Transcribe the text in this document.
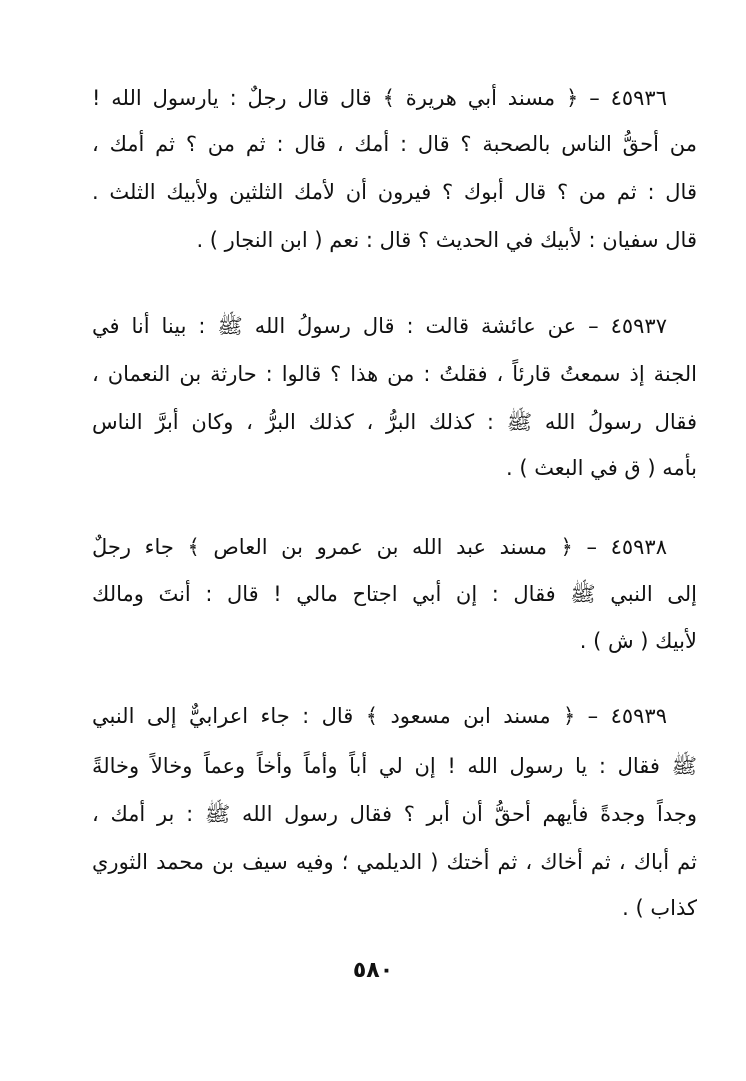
٤٥٩٣٦ – ﴿ مسند أبي هريرة ﴾ قال قال رجلٌ : يارسول الله !

من أحقُّ الناس بالصحبة ؟ قال : أمك ، قال : ثم من ؟ ثم أمك ،

قال : ثم من ؟ قال أبوك ؟ فيرون أن لأمك الثلثين ولأبيك الثلث .

قال سفيان : لأبيك في الحديث ؟ قال : نعم ( ابن النجار ) .

٤٥٩٣٧ – عن عائشة قالت : قال رسولُ الله ﷺ : بينا أنا في

الجنة إذ سمعتُ قارئاً ، فقلتُ : من هذا ؟ قالوا : حارثة بن النعمان ،

فقال رسولُ الله ﷺ : كذلك البرُّ ، كذلك البرُّ ، وكان أبرَّ الناس

بأمه ( ق في البعث ) .

٤٥٩٣٨ – ﴿ مسند عبد الله بن عمرو بن العاص ﴾ جاء رجلٌ

إلى النبي ﷺ فقال : إن أبي اجتاح مالي ! قال : أنتَ ومالك

لأبيك ( ش ) .

٤٥٩٣٩ – ﴿ مسند ابن مسعود ﴾ قال : جاء اعرابيٌّ إلى النبي

ﷺ فقال : يا رسول الله ! إن لي أباً وأماً وأخاً وعماً وخالاً وخالةً

وجداً وجدةً فأيهم أحقُّ أن أبر ؟ فقال رسول الله ﷺ : بر أمك ،

ثم أباك ، ثم أخاك ، ثم أختك ( الديلمي ؛ وفيه سيف بن محمد الثوري

كذاب ) .

٥٨٠
